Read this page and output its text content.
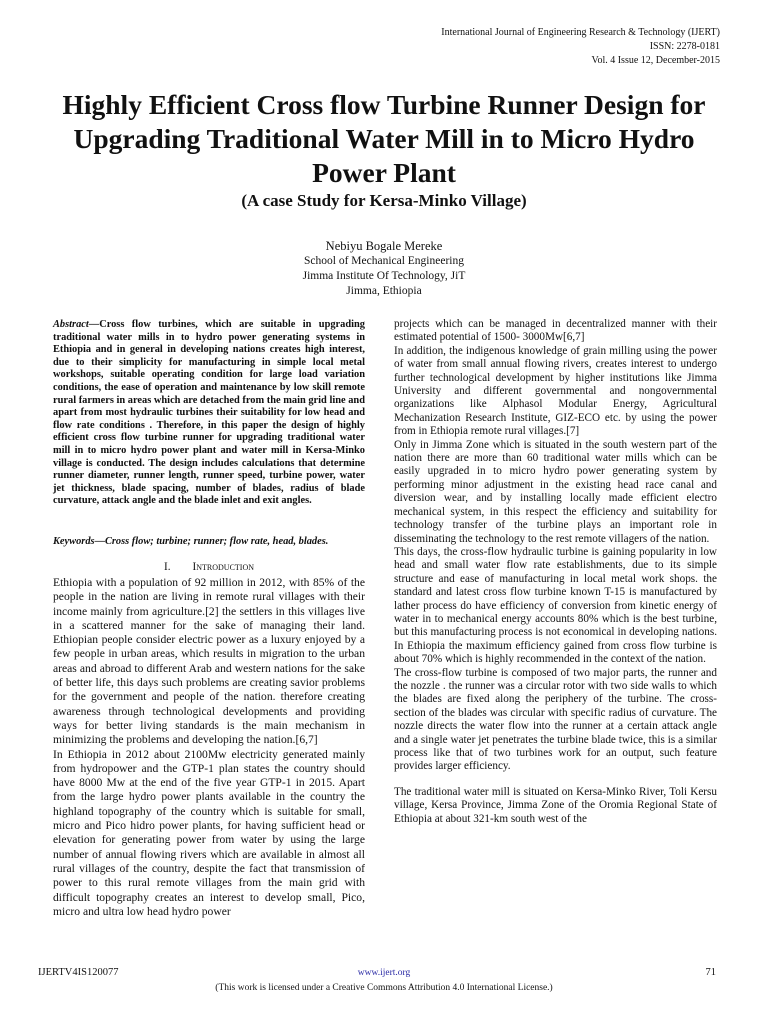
International Journal of Engineering Research & Technology (IJERT)
ISSN: 2278-0181
Vol. 4 Issue 12, December-2015
Highly Efficient Cross flow Turbine Runner Design for Upgrading Traditional Water Mill in to Micro Hydro Power Plant
(A case Study for Kersa-Minko Village)
Nebiyu Bogale Mereke
School of Mechanical Engineering
Jimma Institute Of Technology, JiT
Jimma, Ethiopia

Abstract—Cross flow turbines, which are suitable in upgrading traditional water mills in to hydro power generating systems in Ethiopia and in general in developing nations creates high interest, due to their simplicity for manufacturing in simple local metal workshops, suitable operating condition for large load variation conditions, the ease of operation and maintenance by low skill remote rural farmers in areas which are detached from the main grid line and apart from most hydraulic turbines their suitability for low head and flow rate conditions . Therefore, in this paper the design of highly efficient cross flow turbine runner for upgrading traditional water mill in to micro hydro power plant and water mill in Kersa-Minko village is conducted. The design includes calculations that determine runner diameter, runner length, runner speed, turbine power, water jet thickness, blade spacing, number of blades, radius of blade curvature, attack angle and the blade inlet and exit angles.

Keywords—Cross flow; turbine; runner; flow rate, head, blades.
I. Introduction

Ethiopia with a population of 92 million in 2012, with 85% of the people in the nation are living in remote rural villages with their income mainly from agriculture.[2] the settlers in this villages live in a scattered manner for the sake of managing their land. Ethiopian people consider electric power as a luxury enjoyed by a few people in urban areas, which results in migration to the urban areas and abroad to different Arab and western nations for the sake of better life, this days such problems are creating savior problems for the government and people of the nation. therefore creating awareness through technological developments and providing ways for better living standards is the main mechanism in minimizing the problems and developing the nation.[6,7]

In Ethiopia in 2012 about 2100Mw electricity generated mainly from hydropower and the GTP-1 plan states the country should have 8000 Mw at the end of the five year GTP-1 in 2015. Apart from the large hydro power plants available in the country the highland topography of the country which is suitable for small, micro and Pico hidro power plants, for having sufficient head or elevation for generating power from water by using the large number of annual flowing rivers which are available in almost all rural villages of the country, despite the fact that transmission of power to this rural remote villages from the main grid with difficult topography creates an interest to develop small, Pico, micro and ultra low head hydro power

projects which can be managed in decentralized manner with their estimated potential of 1500- 3000Mw[6,7]

In addition, the indigenous knowledge of grain milling using the power of water from small annual flowing rivers, creates interest to undergo further technological development by higher institutions like Jimma University and different governmental and nongovernmental organizations like Alphasol Modular Energy, Agricultural Mechanization Research Institute, GIZ-ECO etc. by using the power from in Ethiopia remote rural villages.[7]

Only in Jimma Zone which is situated in the south western part of the nation there are more than 60 traditional water mills which can be easily upgraded in to micro hydro power generating system by performing minor adjustment in the existing head race canal and diversion wear, and by installing locally made efficient electro mechanical system, in this respect the efficiency and suitability for technology transfer of the turbine plays an important role in disseminating the technology to the rest remote villagers of the nation.

This days, the cross-flow hydraulic turbine is gaining popularity in low head and small water flow rate establishments, due to its simple structure and ease of manufacturing in local metal work shops. the standard and latest cross flow turbine known T-15 is manufactured by lather process do have efficiency of conversion from kinetic energy of water in to mechanical energy accounts 80% which is the best turbine, but this manufacturing process is not economical in developing nations. In Ethiopia the maximum efficiency gained from cross flow turbine is about 70% which is highly recommended in the context of the nation.

The cross-flow turbine is composed of two major parts, the runner and the nozzle . the runner was a circular rotor with two side walls to which the blades are fixed along the periphery of the turbine. The cross-section of the blades was circular with specific radius of curvature. The nozzle directs the water flow into the runner at a certain attack angle and a single water jet penetrates the turbine blade twice, this is a similar process like that of two turbines work for an output, such feature provides larger efficiency.

The traditional water mill is situated on Kersa-Minko River, Toli Kersu village, Kersa Province, Jimma Zone of the Oromia Regional State of Ethiopia at about 321-km south west of the

IJERTV4IS120077	www.ijert.org	71
(This work is licensed under a Creative Commons Attribution 4.0 International License.)
